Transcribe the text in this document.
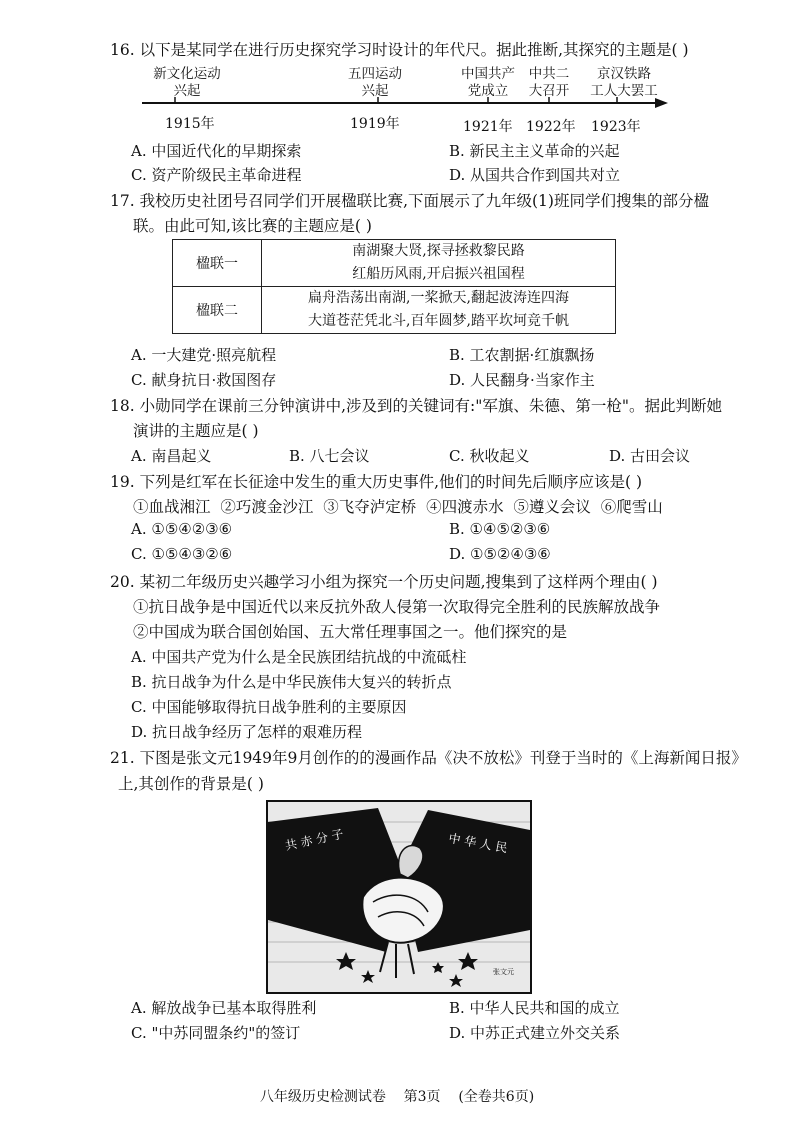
16. 以下是某同学在进行历史探究学习时设计的年代尺。据此推断,其探究的主题是( )
新文化运动
兴起
五四运动
兴起
中国共产
党成立
中共二
大召开
京汉铁路
工人大罢工
1915年	1919年	1921年 1922年 1923年
A. 中国近代化的早期探索	B. 新民主主义革命的兴起
C. 资产阶级民主革命进程	D. 从国共合作到国共对立
17. 我校历史社团号召同学们开展楹联比赛,下面展示了九年级(1)班同学们搜集的部分楹
联。由此可知,该比赛的主题应是( )
楹联一	南湖聚大贤,探寻拯救黎民路
红船历风雨,开启振兴祖国程

楹联二	扁舟浩荡出南湖,一桨掀天,翻起波涛连四海
大道苍茫凭北斗,百年圆梦,踏平坎坷竞千帆
A. 一大建党·照亮航程	B. 工农割据·红旗飘扬
C. 献身抗日·救国图存	D. 人民翻身·当家作主
18. 小勋同学在课前三分钟演讲中,涉及到的关键词有:"军旗、朱德、第一枪"。据此判断她
演讲的主题应是( )
A. 南昌起义	B. 八七会议	C. 秋收起义	D. 古田会议
19. 下列是红军在长征途中发生的重大历史事件,他们的时间先后顺序应该是( )
①血战湘江  ②巧渡金沙江  ③飞夺泸定桥  ④四渡赤水  ⑤遵义会议  ⑥爬雪山
A. ①⑤④②③⑥	B. ①④⑤②③⑥
C. ①⑤④③②⑥	D. ①⑤②④③⑥
20. 某初二年级历史兴趣学习小组为探究一个历史问题,搜集到了这样两个理由( )
①抗日战争是中国近代以来反抗外敌人侵第一次取得完全胜利的民族解放战争
②中国成为联合国创始国、五大常任理事国之一。他们探究的是
A. 中国共产党为什么是全民族团结抗战的中流砥柱
B. 抗日战争为什么是中华民族伟大复兴的转折点
C. 中国能够取得抗日战争胜利的主要原因
D. 抗日战争经历了怎样的艰难历程
21. 下图是张文元1949年9月创作的的漫画作品《决不放松》刊登于当时的《上海新闻日报》
上,其创作的背景是( )
共 赤 分 子	中 华 人 民
张文元
A. 解放战争已基本取得胜利	B. 中华人民共和国的成立
C. "中苏同盟条约"的签订	D. 中苏正式建立外交关系
八年级历史检测试卷    第3页    (全卷共6页)
